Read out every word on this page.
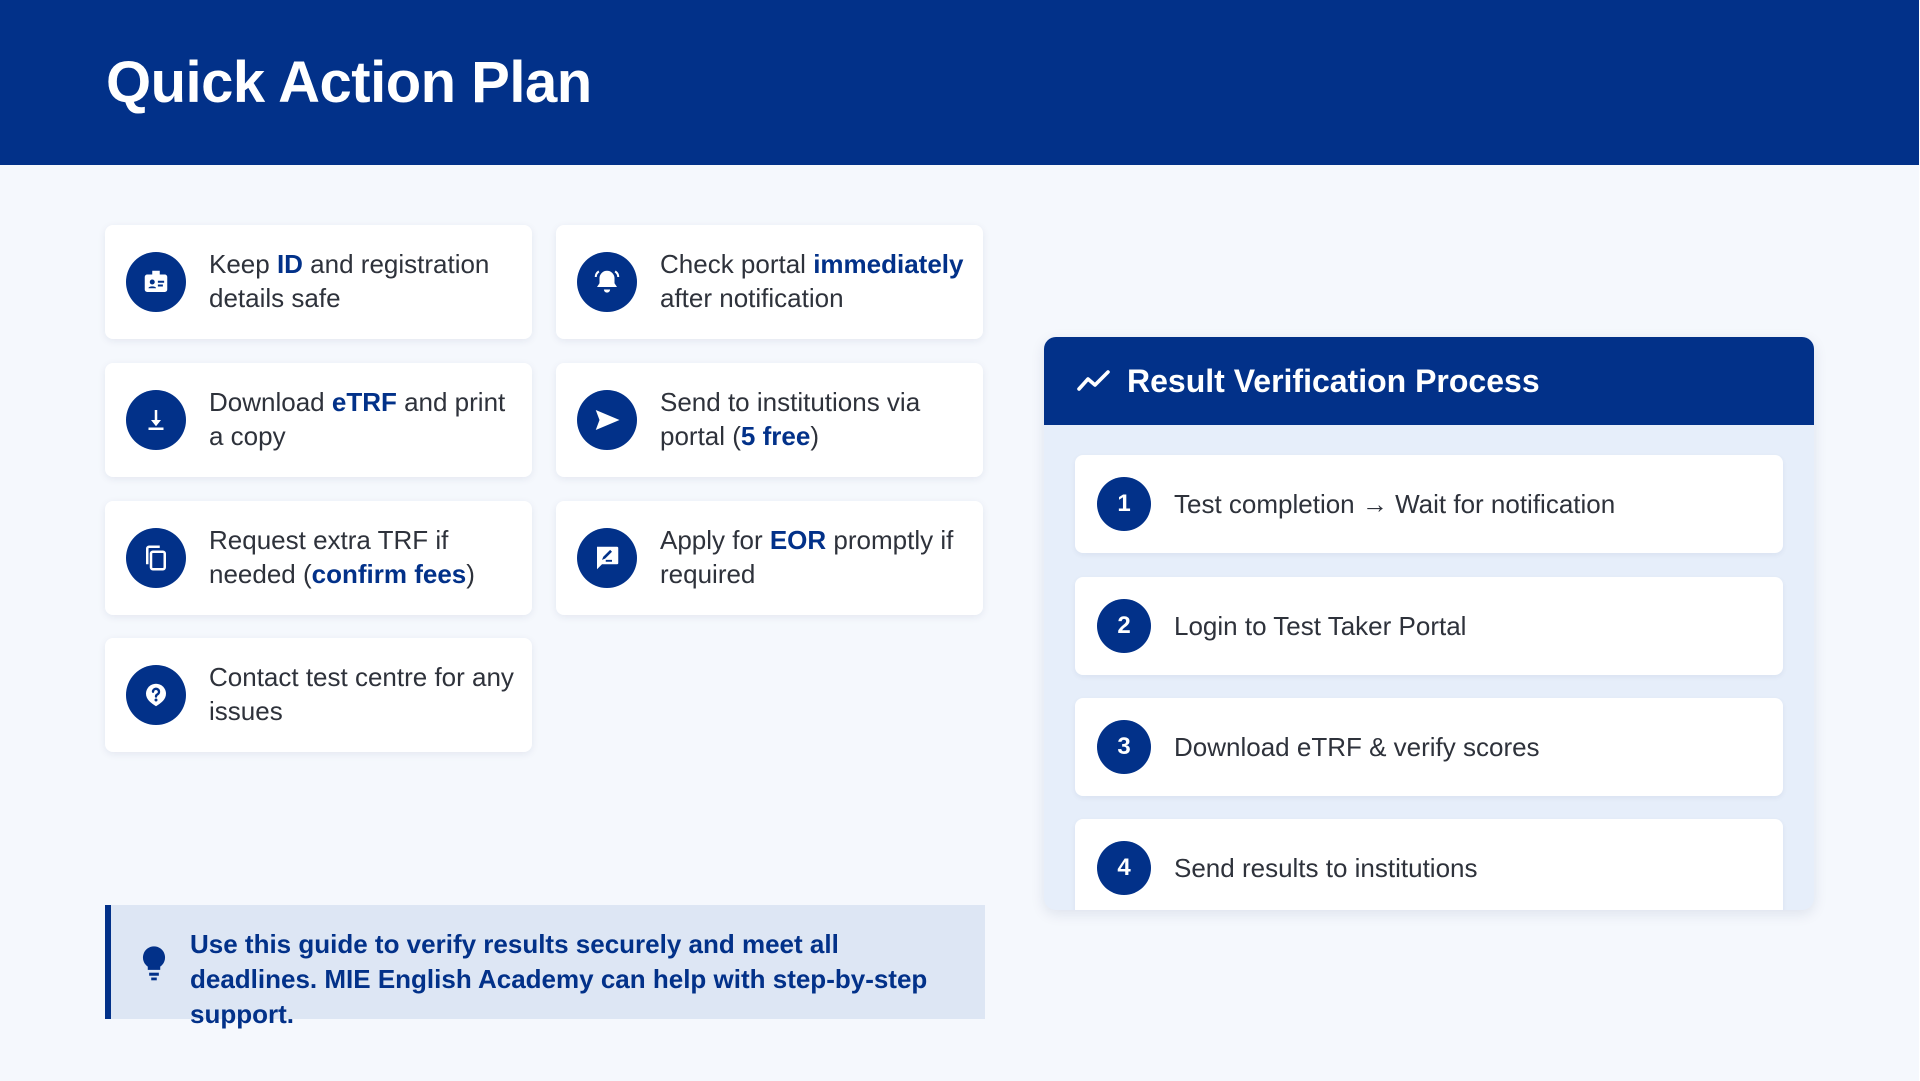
Quick Action Plan
Keep ID and registration details safe
Check portal immediately after notification
Download eTRF and print a copy
Send to institutions via portal (5 free)
Request extra TRF if needed (confirm fees)
Apply for EOR promptly if required
Contact test centre for any issues
Use this guide to verify results securely and meet all deadlines. MIE English Academy can help with step-by-step support.
Result Verification Process
1	Test completion → Wait for notification
2	Login to Test Taker Portal
3	Download eTRF & verify scores
4	Send results to institutions
